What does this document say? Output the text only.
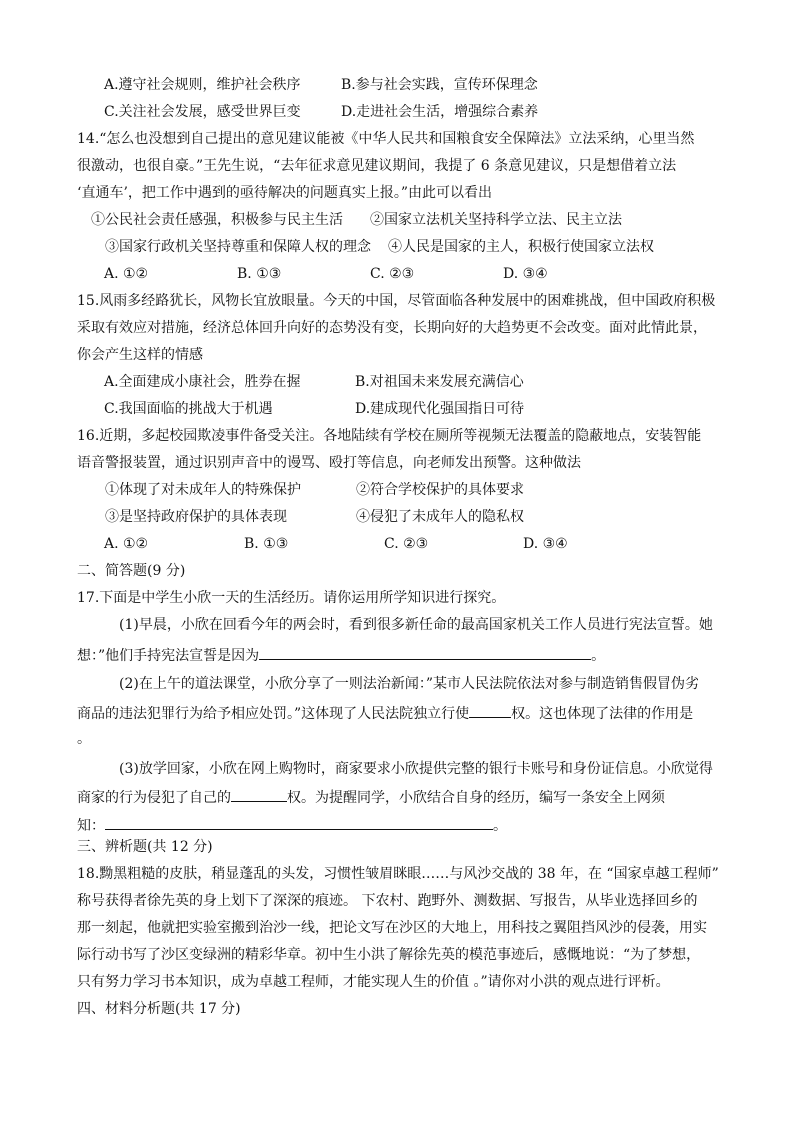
A.遵守社会规则，维护社会秩序	B.参与社会实践，宣传环保理念
C.关注社会发展，感受世界巨变	D.走进社会生活，增强综合素养
14.“怎么也没想到自己提出的意见建议能被《中华人民共和国粮食安全保障法》立法采纳，心里当然
很激动，也很自豪。”王先生说，“去年征求意见建议期间，我提了 6 条意见建议，只是想借着立法
‘直通车’，把工作中遇到的亟待解决的问题真实上报。”由此可以看出
①公民社会责任感强，积极参与民主生活 ②国家立法机关坚持科学立法、民主立法
③国家行政机关坚持尊重和保障人权的理念 ④人民是国家的主人，积极行使国家立法权
A. ①②	B. ①③	C. ②③	D. ③④
15.风雨多经路犹长，风物长宜放眼量。今天的中国，尽管面临各种发展中的困难挑战，但中国政府积极
采取有效应对措施，经济总体回升向好的态势没有变，长期向好的大趋势更不会改变。面对此情此景，
你会产生这样的情感
A.全面建成小康社会，胜券在握	B.对祖国未来发展充满信心
C.我国面临的挑战大于机遇	D.建成现代化强国指日可待
16.近期，多起校园欺凌事件备受关注。各地陆续有学校在厕所等视频无法覆盖的隐蔽地点，安装智能
语音警报装置，通过识别声音中的谩骂、殴打等信息，向老师发出预警。这种做法
①体现了对未成年人的特殊保护	②符合学校保护的具体要求
③是坚持政府保护的具体表现	④侵犯了未成年人的隐私权
A. ①②	B. ①③	C. ②③	D. ③④
二、简答题(9 分)
17.下面是中学生小欣一天的生活经历。请你运用所学知识进行探究。
(1)早晨，小欣在回看今年的两会时，看到很多新任命的最高国家机关工作人员进行宪法宣誓。她
想：”他们手持宪法宣誓是因为	。
(2)在上午的道法课堂，小欣分享了一则法治新闻：”某市人民法院依法对参与制造销售假冒伪劣
商品的违法犯罪行为给予相应处罚。”这体现了人民法院独立行使	权。这也体现了法律的作用是
。
(3)放学回家，小欣在网上购物时，商家要求小欣提供完整的银行卡账号和身份证信息。小欣觉得
商家的行为侵犯了自己的	权。为提醒同学，小欣结合自身的经历，编写一条安全上网须
知：	。
三、辨析题(共 12 分)
18.黝黑粗糙的皮肤，稍显蓬乱的头发，习惯性皱眉眯眼……与风沙交战的 38 年，在 “国家卓越工程师”
称号获得者徐先英的身上划下了深深的痕迹。 下农村、跑野外、测数据、写报告，从毕业选择回乡的
那一刻起，他就把实验室搬到治沙一线，把论文写在沙区的大地上，用科技之翼阻挡风沙的侵袭，用实
际行动书写了沙区变绿洲的精彩华章。初中生小洪了解徐先英的模范事迹后，感慨地说：“为了梦想，
只有努力学习书本知识，成为卓越工程师，才能实现人生的价值 。”请你对小洪的观点进行评析。
四、材料分析题(共 17 分)
